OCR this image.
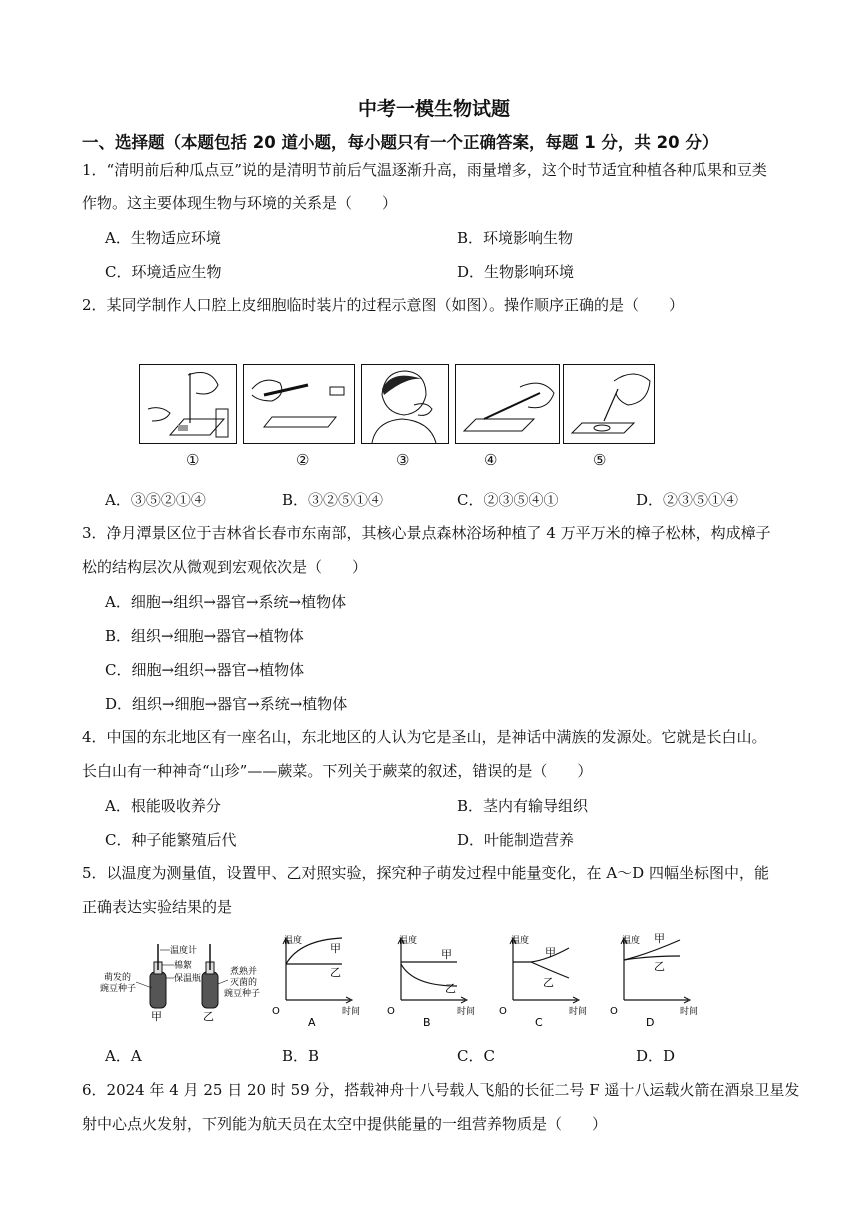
中考一模生物试题
一、选择题（本题包括 20 道小题，每小题只有一个正确答案，每题 1 分，共 20 分）
1．“清明前后种瓜点豆”说的是清明节前后气温逐渐升高，雨量增多，这个时节适宜种植各种瓜果和豆类
作物。这主要体现生物与环境的关系是（　　）
A．生物适应环境	B．环境影响生物
C．环境适应生物	D．生物影响环境
2．某同学制作人口腔上皮细胞临时装片的过程示意图（如图）。操作顺序正确的是（　　）
①	②	③	④	⑤
A．③⑤②①④	B．③②⑤①④	C．②③⑤④①	D．②③⑤①④
3．净月潭景区位于吉林省长春市东南部，其核心景点森林浴场种植了 4 万平万米的樟子松林，构成樟子
松的结构层次从微观到宏观依次是（　　）
A．细胞→组织→器官→系统→植物体
B．组织→细胞→器官→植物体
C．细胞→组织→器官→植物体
D．组织→细胞→器官→系统→植物体
4．中国的东北地区有一座名山，东北地区的人认为它是圣山，是神话中满族的发源处。它就是长白山。
长白山有一种神奇“山珍”——蕨菜。下列关于蕨菜的叙述，错误的是（　　）
A．根能吸收养分	B．茎内有输导组织
C．种子能繁殖后代	D．叶能制造营养
5．以温度为测量值，设置甲、乙对照实验，探究种子萌发过程中能量变化，在 A～D 四幅坐标图中，能
正确表达实验结果的是
温度计
棉絮
保温瓶
萌发的
豌豆种子
煮熟并
灭菌的
豌豆种子
甲	乙
温度
时间
O
甲
乙
A
温度
时间
O
甲
乙
B
温度
时间
O
甲
乙
C
温度
时间
O
甲
乙
D
A．A	B．B	C．C	D．D
6．2024 年 4 月 25 日 20 时 59 分，搭载神舟十八号载人飞船的长征二号 F 遥十八运载火箭在酒泉卫星发
射中心点火发射，下列能为航天员在太空中提供能量的一组营养物质是（　　）
